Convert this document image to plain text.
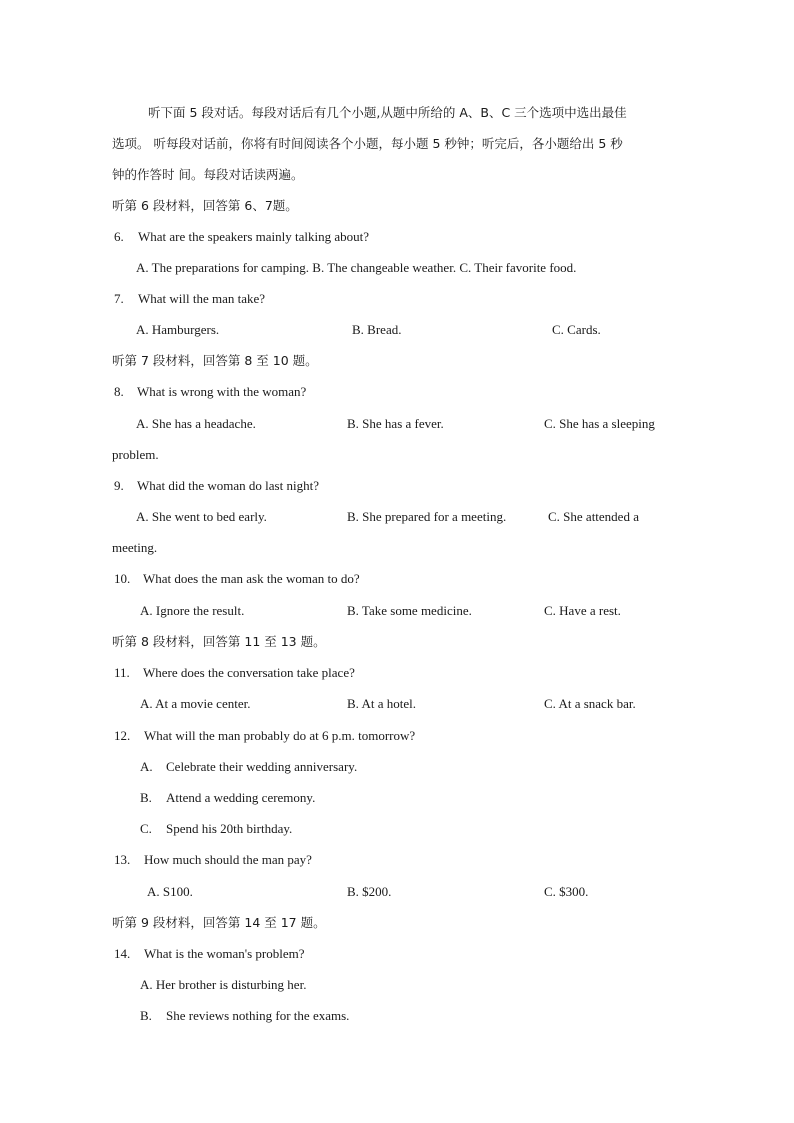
听下面 5 段对话。每段对话后有几个小题,从题中所给的 A、B、C 三个选项中选出最佳
选项。 听每段对话前，你将有时间阅读各个小题，每小题 5 秒钟；听完后，各小题给出 5 秒
钟的作答时 间。每段对话读两遍。
听第 6 段材料，回答第 6、7题。
6. What are the speakers mainly talking about?
A. The preparations for camping. B. The changeable weather. C. Their favorite food.
7. What will the man take?
A. Hamburgers.	B. Bread.	C. Cards.
听第 7 段材料，回答第 8 至 10 题。
8. What is wrong with the woman?
A. She has a headache.	B. She has a fever.	C. She has a sleeping
problem.
9. What did the woman do last night?
A. She went to bed early.	B. She prepared for a meeting.	C. She attended a
meeting.
10. What does the man ask the woman to do?
A. Ignore the result.	B. Take some medicine.	C. Have a rest.
听第 8 段材料，回答第 11 至 13 题。
11. Where does the conversation take place?
A. At a movie center.	B. At a hotel.	C. At a snack bar.
12. What will the man probably do at 6 p.m. tomorrow?
A. Celebrate their wedding anniversary.
B. Attend a wedding ceremony.
C. Spend his 20th birthday.
13. How much should the man pay?
A. S100.	B. $200.	C. $300.
听第 9 段材料，回答第 14 至 17 题。
14. What is the woman's problem?
A. Her brother is disturbing her.
B. She reviews nothing for the exams.
